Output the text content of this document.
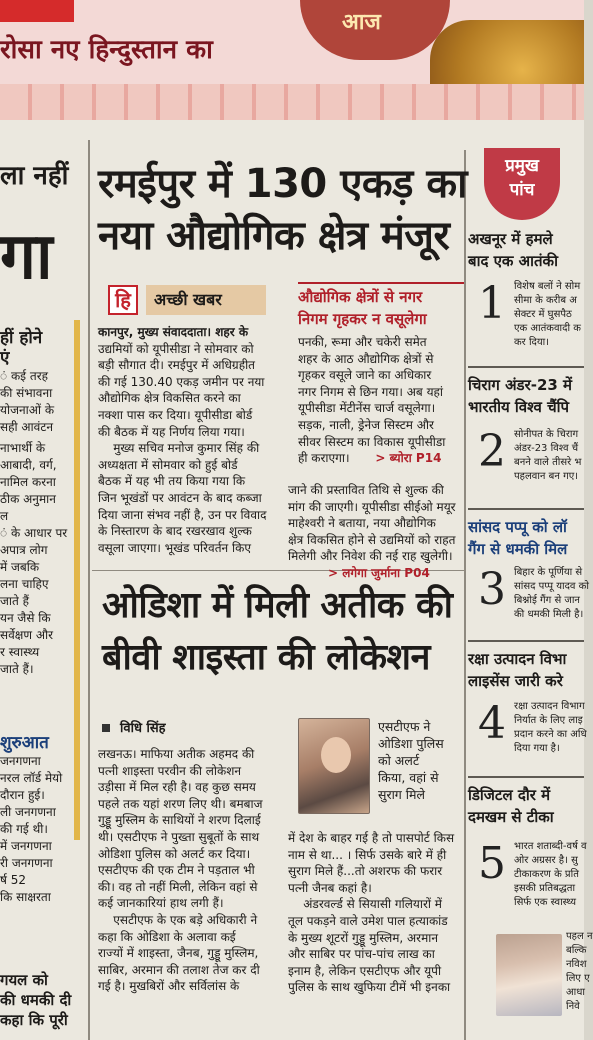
रोसा नए हिन्दुस्तान का
आज
ला नहीं
गा
हीं होने
एं
ं कई तरह
की संभावना
योजनाओं के
सही आवंटन
नाभार्थी के
आबादी, वर्ग,
नामिल करना
ठीक अनुमान
ल
ं के आधार पर
अपात्र लोग
में जबकि
लना चाहिए
जाते हैं
यन जैसे कि
सर्वेक्षण और
र स्वास्थ्य
जाते हैं।
शुरुआत
जनगणना
नरल लॉर्ड मेयो
दौरान हुई।
ली जनगणना
की गई थी।
में जनगणना
री जनगणना
र्ष 52
कि साक्षरता
गयल को
की धमकी दी
कहा कि पूरी
रमईपुर में 130 एकड़ का
नया औद्योगिक क्षेत्र मंजूर
हि	अच्छी खबर

कानपुर, मुख्य संवाददाता। शहर के

उद्यमियों को यूपीसीडा ने सोमवार को

बड़ी सौगात दी। रमईपुर में अधिग्रहीत

की गई 130.40 एकड़ जमीन पर नया

औद्योगिक क्षेत्र विकसित करने का

नक्शा पास कर दिया। यूपीसीडा बोर्ड

की बैठक में यह निर्णय लिया गया।

मुख्य सचिव मनोज कुमार सिंह की

अध्यक्षता में सोमवार को हुई बोर्ड

बैठक में यह भी तय किया गया कि

जिन भूखंडों पर आवंटन के बाद कब्जा

दिया जाना संभव नहीं है, उन पर विवाद

के निस्तारण के बाद रखरखाव शुल्क

वसूला जाएगा। भूखंड परिवर्तन किए

औद्योगिक क्षेत्रों से नगर
निगम गृहकर न वसूलेगा
पनकी, रूमा और चकेरी समेत
शहर के आठ औद्योगिक क्षेत्रों से
गृहकर वसूले जाने का अधिकार
नगर निगम से छिन गया। अब यहां
यूपीसीडा मेंटीनेंस चार्ज वसूलेगा।
सड़क, नाली, ड्रेनेज सिस्टम और
सीवर सिस्टम का विकास यूपीसीडा
ही कराएगा। > ब्योरा P14

जाने की प्रस्तावित तिथि से शुल्क की

मांग की जाएगी। यूपीसीडा सीईओ मयूर

माहेश्वरी ने बताया, नया औद्योगिक

क्षेत्र विकसित होने से उद्यमियों को राहत

मिलेगी और निवेश की नई राह खुलेगी।

> लगेगा जुर्माना P04

ओडिशा में मिली अतीक की
बीवी शाइस्ता की लोकेशन
विधि सिंह	एसटीएफ ने
ओडिशा पुलिस
को अलर्ट
किया, वहां से
सुराग मिले

लखनऊ। माफिया अतीक अहमद की

पत्नी शाइस्ता परवीन की लोकेशन

उड़ीसा में मिल रही है। वह कुछ समय

पहले तक यहां शरण लिए थी। बमबाज

गुड्डू मुस्लिम के साथियों ने शरण दिलाई

थी। एसटीएफ ने पुख्ता सुबूतों के साथ

ओडिशा पुलिस को अलर्ट कर दिया।

एसटीएफ की एक टीम ने पड़ताल भी

की। वह तो नहीं मिली, लेकिन वहां से

कई जानकारियां हाथ लगी हैं।

एसटीएफ के एक बड़े अधिकारी ने

कहा कि ओडिशा के अलावा कई

राज्यों में शाइस्ता, जैनब, गुड्डू मुस्लिम,

साबिर, अरमान की तलाश तेज कर दी

गई है। मुखबिरों और सर्विलांस के

में देश के बाहर गई है तो पासपोर्ट किस

नाम से था... । सिर्फ उसके बारे में ही

सुराग मिले हैं...तो अशरफ की फरार

पत्नी जैनब कहां है।

अंडरवर्ल्ड से सियासी गलियारों में

तूल पकड़ने वाले उमेश पाल हत्याकांड

के मुख्य शूटरों गुड्डू मुस्लिम, अरमान

और साबिर पर पांच-पांच लाख का

इनाम है, लेकिन एसटीएफ और यूपी

पुलिस के साथ खुफिया टीमें भी इनका

प्रमुख
पांच
अखनूर में हमले
बाद एक आतंकी
1 विशेष बलों ने सोम
सीमा के करीब अ
सेक्टर में घुसपैठ
एक आतंकवादी क
कर दिया।
चिराग अंडर-23 में
भारतीय विश्व चैंपि
2 सोनीपत के चिराग
अंडर-23 विश्व चैं
बनने वाले तीसरे भ
पहलवान बन गए।
सांसद पप्पू को लॉ
गैंग से धमकी मिल
3 बिहार के पूर्णिया से
सांसद पप्पू यादव को
बिश्नोई गैंग से जान
की धमकी मिली है।
रक्षा उत्पादन विभा
लाइसेंस जारी करे
4 रक्षा उत्पादन विभाग
निर्यात के लिए लाइ
प्रदान करने का अधि
दिया गया है।
डिजिटल दौर में
दमखम से टीका
5 भारत शताब्दी-वर्ष व
ओर अग्रसर है। सु
टीकाकरण के प्रति
इसकी प्रतिबद्धता
सिर्फ एक स्वास्थ्य
पहल न
बल्कि
नविश
लिए ए
आधा
निवे
